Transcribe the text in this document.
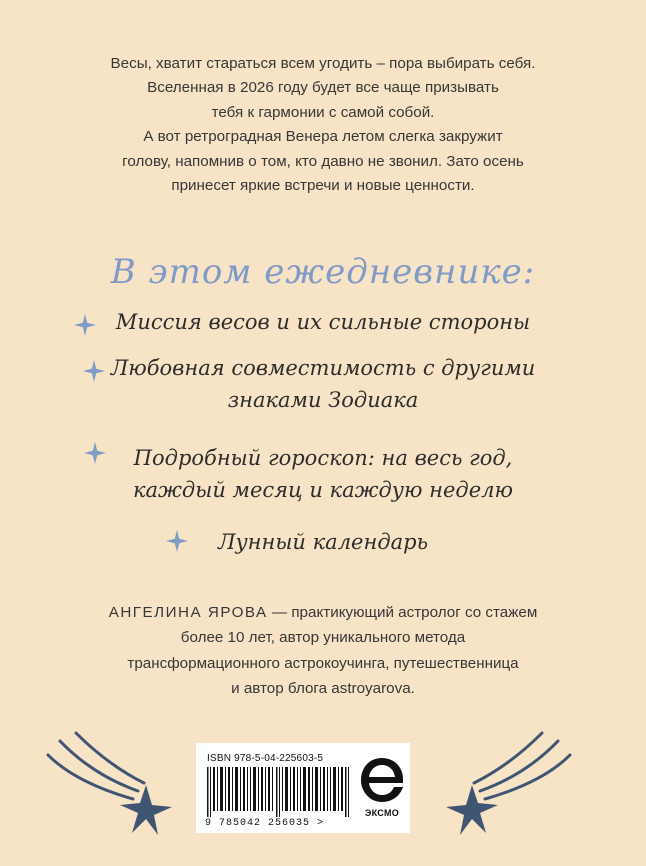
Весы, хватит стараться всем угодить – пора выбирать себя.

Вселенная в 2026 году будет все чаще призывать

тебя к гармонии с самой собой.

А вот ретроградная Венера летом слегка закружит

голову, напомнив о том, кто давно не звонил. Зато осень

принесет яркие встречи и новые ценности.

В этом ежедневнике:
Миссия весов и их сильные стороны
Любовная совместимость с другими
знаками Зодиака
Подробный гороскоп: на весь год,
каждый месяц и каждую неделю
Лунный календарь

АНГЕЛИНА ЯРОВА — практикующий астролог со стажем

более 10 лет, автор уникального метода

трансформационного астрокоучинга, путешественница

и автор блога astroyarova.

ISBN 978-5-04-225603-5
9 785042 256035 >
ЭКСМО
